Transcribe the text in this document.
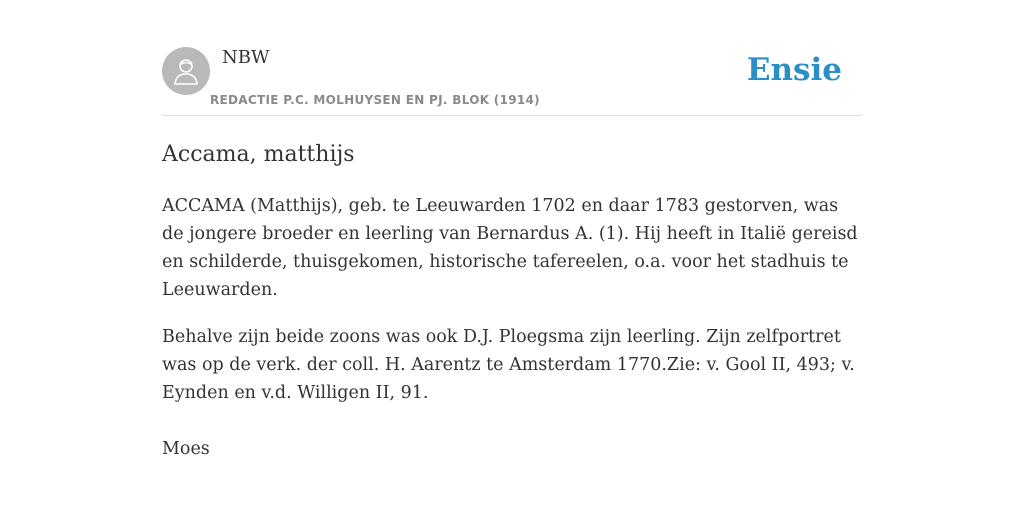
NBW
REDACTIE P.C. MOLHUYSEN EN PJ. BLOK (1914)
Ensie
Accama, matthijs

ACCAMA (Matthijs), geb. te Leeuwarden 1702 en daar 1783 gestorven, was de jongere broeder en leerling van Bernardus A. (1). Hij heeft in Italië gereisd en schilderde, thuisgekomen, historische tafereelen, o.a. voor het stadhuis te Leeuwarden.

Behalve zijn beide zoons was ook D.J. Ploegsma zijn leerling. Zijn zelfportret was op de verk. der coll. H. Aarentz te Amsterdam 1770.Zie: v. Gool II, 493; v. Eynden en v.d. Willigen II, 91.

Moes
